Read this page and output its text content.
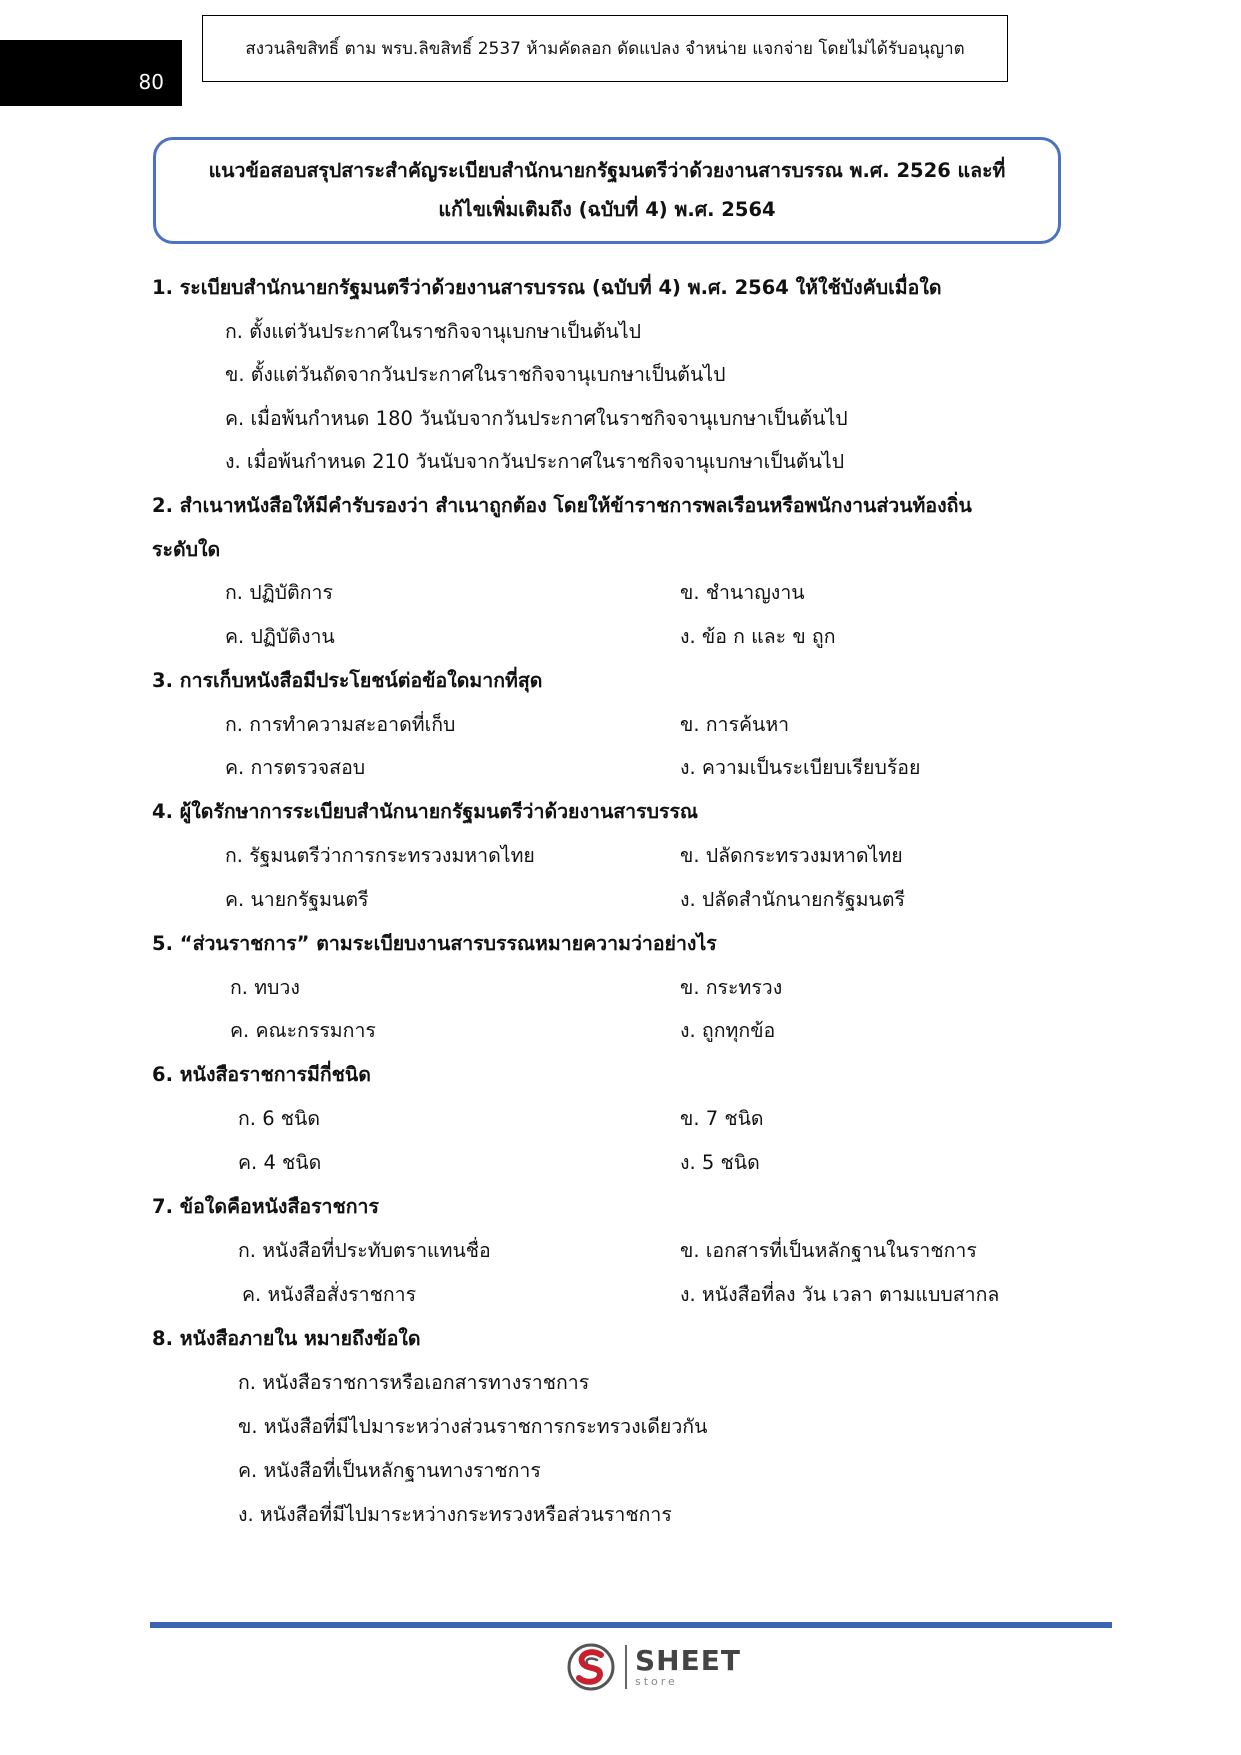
80
สงวนลิขสิทธิ์ ตาม พรบ.ลิขสิทธิ์ 2537 ห้ามคัดลอก ดัดแปลง จำหน่าย แจกจ่าย โดยไม่ได้รับอนุญาต
แนวข้อสอบสรุปสาระสำคัญระเบียบสำนักนายกรัฐมนตรีว่าด้วยงานสารบรรณ พ.ศ. 2526 และที่
แก้ไขเพิ่มเติมถึง (ฉบับที่ 4) พ.ศ. 2564
1. ระเบียบสำนักนายกรัฐมนตรีว่าด้วยงานสารบรรณ (ฉบับที่ 4) พ.ศ. 2564 ให้ใช้บังคับเมื่อใด
ก. ตั้งแต่วันประกาศในราชกิจจานุเบกษาเป็นต้นไป
ข. ตั้งแต่วันถัดจากวันประกาศในราชกิจจานุเบกษาเป็นต้นไป
ค. เมื่อพ้นกำหนด 180 วันนับจากวันประกาศในราชกิจจานุเบกษาเป็นต้นไป
ง. เมื่อพ้นกำหนด 210 วันนับจากวันประกาศในราชกิจจานุเบกษาเป็นต้นไป
2. สำเนาหนังสือให้มีคำรับรองว่า สำเนาถูกต้อง โดยให้ข้าราชการพลเรือนหรือพนักงานส่วนท้องถิ่น
ระดับใด
ก. ปฏิบัติการ	ข. ชำนาญงาน
ค. ปฏิบัติงาน	ง. ข้อ ก และ ข ถูก
3. การเก็บหนังสือมีประโยชน์ต่อข้อใดมากที่สุด
ก. การทำความสะอาดที่เก็บ	ข. การค้นหา
ค. การตรวจสอบ	ง. ความเป็นระเบียบเรียบร้อย
4. ผู้ใดรักษาการระเบียบสำนักนายกรัฐมนตรีว่าด้วยงานสารบรรณ
ก. รัฐมนตรีว่าการกระทรวงมหาดไทย	ข. ปลัดกระทรวงมหาดไทย
ค. นายกรัฐมนตรี	ง. ปลัดสำนักนายกรัฐมนตรี
5. “ส่วนราชการ” ตามระเบียบงานสารบรรณหมายความว่าอย่างไร
ก. ทบวง	ข. กระทรวง
ค. คณะกรรมการ	ง. ถูกทุกข้อ
6. หนังสือราชการมีกี่ชนิด
ก. 6 ชนิด	ข. 7 ชนิด
ค. 4 ชนิด	ง. 5 ชนิด
7. ข้อใดคือหนังสือราชการ
ก. หนังสือที่ประทับตราแทนชื่อ	ข. เอกสารที่เป็นหลักฐานในราชการ
ค. หนังสือสั่งราชการ	ง. หนังสือที่ลง วัน เวลา ตามแบบสากล
8. หนังสือภายใน หมายถึงข้อใด
ก. หนังสือราชการหรือเอกสารทางราชการ
ข. หนังสือที่มีไปมาระหว่างส่วนราชการกระทรวงเดียวกัน
ค. หนังสือที่เป็นหลักฐานทางราชการ
ง. หนังสือที่มีไปมาระหว่างกระทรวงหรือส่วนราชการ
SHEET
store
